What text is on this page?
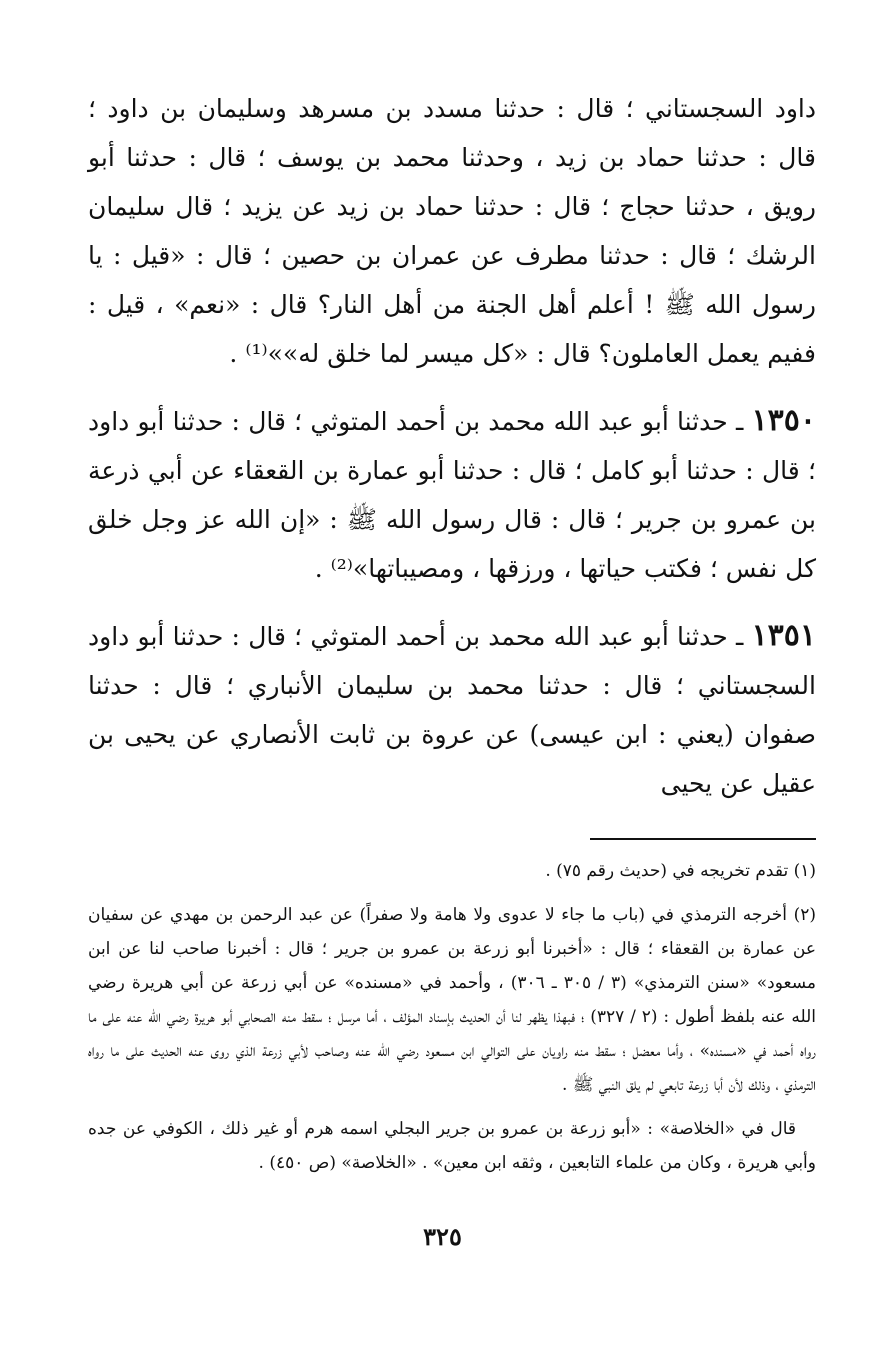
داود السجستاني ؛ قال : حدثنا مسدد بن مسرهد وسليمان بن داود ؛ قال : حدثنا حماد بن زيد ، وحدثنا محمد بن يوسف ؛ قال : حدثنا أبو رويق ، حدثنا حجاج ؛ قال : حدثنا حماد بن زيد عن يزيد ؛ قال سليمان الرشك ؛ قال : حدثنا مطرف عن عمران بن حصين ؛ قال : «قيل : يا رسول الله ﷺ ! أعلم أهل الجنة من أهل النار؟ قال : «نعم» ، قيل : ففيم يعمل العاملون؟ قال : «كل ميسر لما خلق له»»⁽¹⁾ .

١٣٥٠ ـ حدثنا أبو عبد الله محمد بن أحمد المتوثي ؛ قال : حدثنا أبو داود ؛ قال : حدثنا أبو كامل ؛ قال : حدثنا أبو عمارة بن القعقاء عن أبي ذرعة بن عمرو بن جرير ؛ قال : قال رسول الله ﷺ : «إن الله عز وجل خلق كل نفس ؛ فكتب حياتها ، ورزقها ، ومصيباتها»⁽²⁾ .

١٣٥١ ـ حدثنا أبو عبد الله محمد بن أحمد المتوثي ؛ قال : حدثنا أبو داود السجستاني ؛ قال : حدثنا محمد بن سليمان الأنباري ؛ قال : حدثنا صفوان (يعني : ابن عيسى) عن عروة بن ثابت الأنصاري عن يحيى بن عقيل عن يحيى

(١) تقدم تخريجه في (حديث رقم ٧٥) .

(٢) أخرجه الترمذي في (باب ما جاء لا عدوى ولا هامة ولا صفراً) عن عبد الرحمن بن مهدي عن سفيان عن عمارة بن القعقاء ؛ قال : «أخبرنا أبو زرعة بن عمرو بن جرير ؛ قال : أخبرنا صاحب لنا عن ابن مسعود» «سنن الترمذي» (٣ / ٣٠٥ ـ ٣٠٦) ، وأحمد في «مسنده» عن أبي زرعة عن أبي هريرة رضي الله عنه بلفظ أطول : (٢ / ٣٢٧) ؛ فبهذا يظهر لنا أن الحديث بإسناد المؤلف ، أما مرسل ؛ سقط منه الصحابي أبو هريرة رضي الله عنه على ما رواه أحمد في «مسنده» ، وأما معضل ؛ سقط منه راويان على التوالي ابن مسعود رضي الله عنه وصاحب لأبي زرعة الذي روى عنه الحديث على ما رواه الترمذي ، وذلك لأن أبا زرعة تابعي لم يلق النبي ﷺ .

قال في «الخلاصة» : «أبو زرعة بن عمرو بن جرير البجلي اسمه هرم أو غير ذلك ، الكوفي عن جده وأبي هريرة ، وكان من علماء التابعين ، وثقه ابن معين» . «الخلاصة» (ص ٤٥٠) .

٣٢٥
